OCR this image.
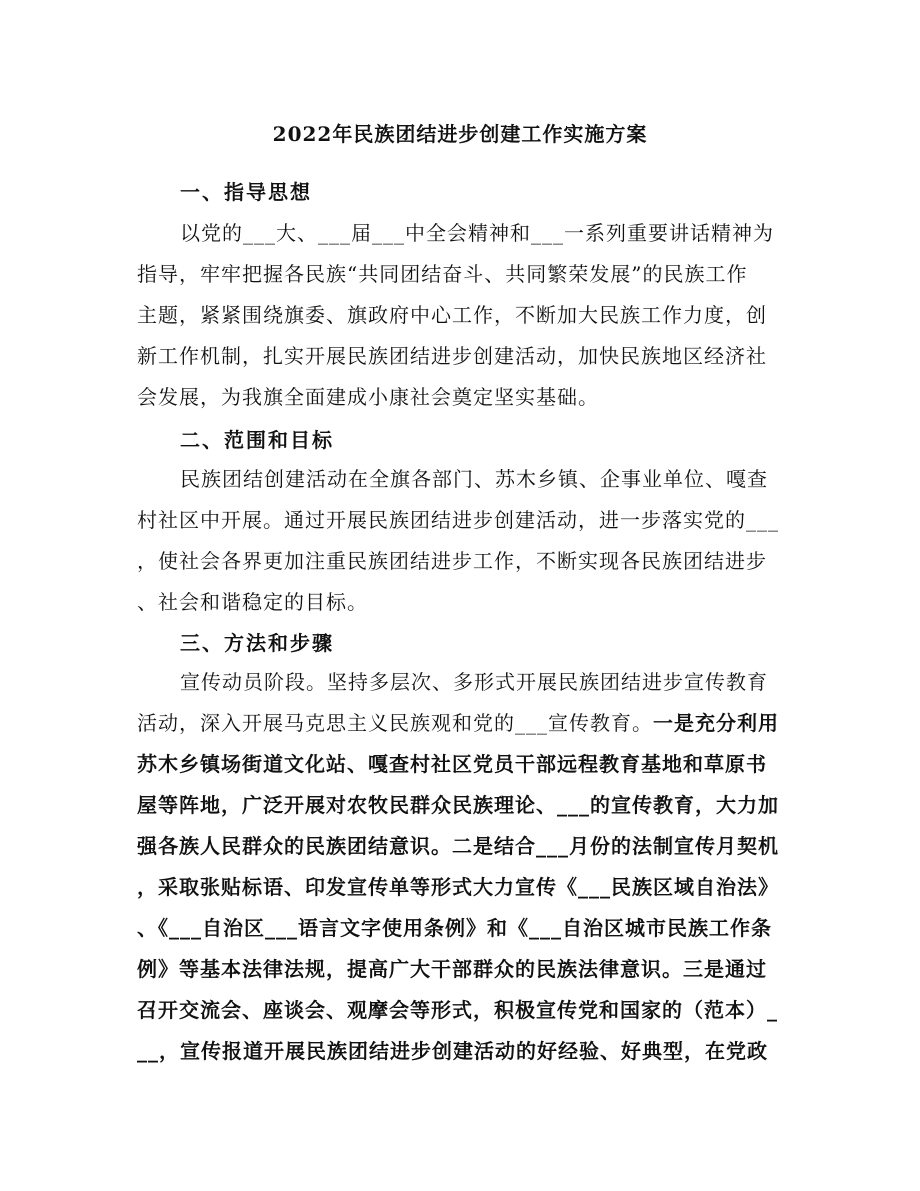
2022年民族团结进步创建工作实施方案
一、指导思想
以党的___大、___届___中全会精神和___一系列重要讲话精神为
指导，牢牢把握各民族“共同团结奋斗、共同繁荣发展”的民族工作
主题，紧紧围绕旗委、旗政府中心工作，不断加大民族工作力度，创
新工作机制，扎实开展民族团结进步创建活动，加快民族地区经济社
会发展，为我旗全面建成小康社会奠定坚实基础。
二、范围和目标
民族团结创建活动在全旗各部门、苏木乡镇、企事业单位、嘎查
村社区中开展。通过开展民族团结进步创建活动，进一步落实党的___
，使社会各界更加注重民族团结进步工作，不断实现各民族团结进步
、社会和谐稳定的目标。
三、方法和步骤
宣传动员阶段。坚持多层次、多形式开展民族团结进步宣传教育
活动，深入开展马克思主义民族观和党的___宣传教育。一是充分利用
苏木乡镇场街道文化站、嘎查村社区党员干部远程教育基地和草原书
屋等阵地，广泛开展对农牧民群众民族理论、___的宣传教育，大力加
强各族人民群众的民族团结意识。二是结合___月份的法制宣传月契机
，采取张贴标语、印发宣传单等形式大力宣传《___民族区域自治法》
、《___自治区___语言文字使用条例》和《___自治区城市民族工作条
例》等基本法律法规，提高广大干部群众的民族法律意识。三是通过
召开交流会、座谈会、观摩会等形式，积极宣传党和国家的（范本）_
__，宣传报道开展民族团结进步创建活动的好经验、好典型，在党政
